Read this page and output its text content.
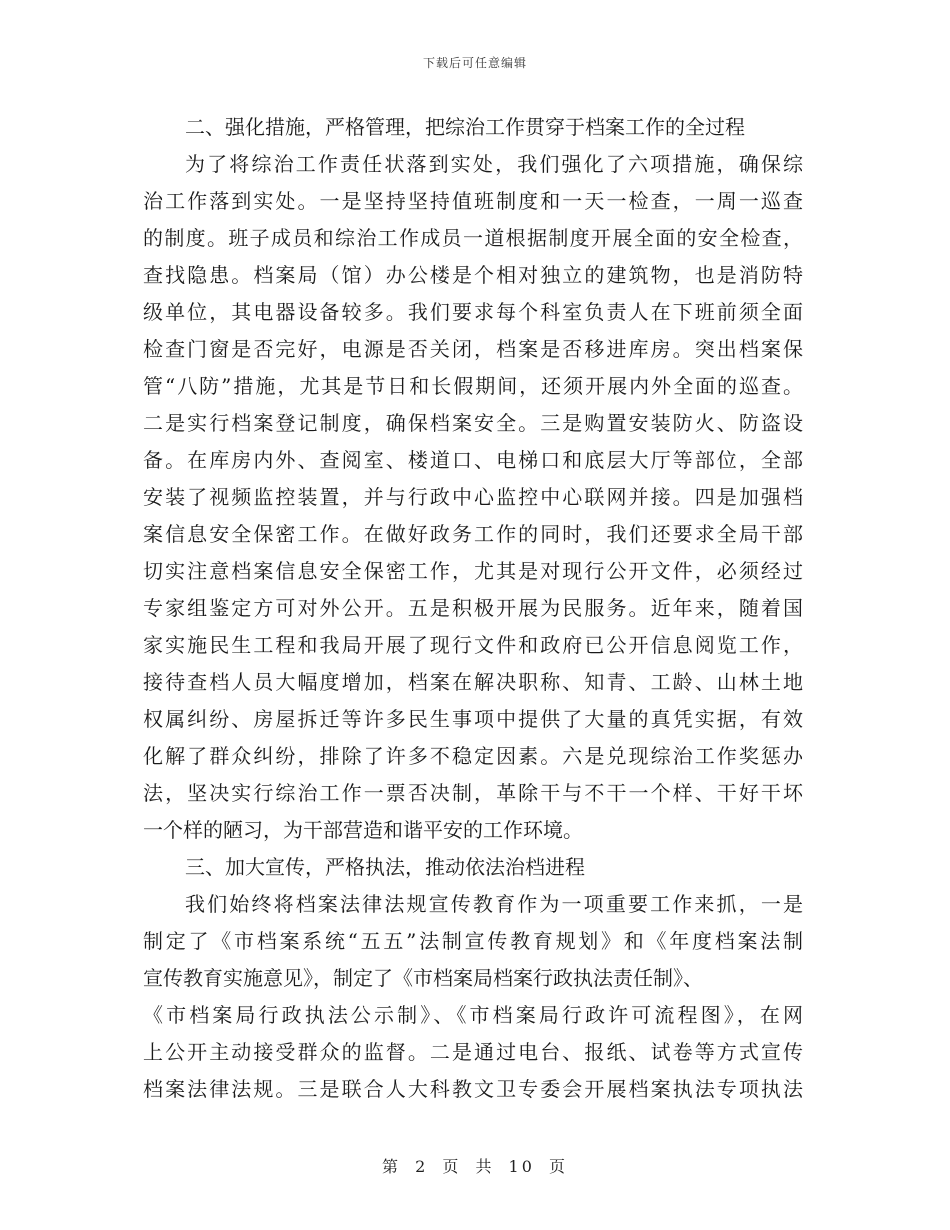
下载后可任意编辑
二、强化措施，严格管理，把综治工作贯穿于档案工作的全过程
为了将综治工作责任状落到实处，我们强化了六项措施，确保综
治工作落到实处。一是坚持坚持值班制度和一天一检查，一周一巡查
的制度。班子成员和综治工作成员一道根据制度开展全面的安全检查，
查找隐患。档案局（馆）办公楼是个相对独立的建筑物，也是消防特
级单位，其电器设备较多。我们要求每个科室负责人在下班前须全面
检查门窗是否完好，电源是否关闭，档案是否移进库房。突出档案保
管“八防”措施，尤其是节日和长假期间，还须开展内外全面的巡查。
二是实行档案登记制度，确保档案安全。三是购置安装防火、防盗设
备。在库房内外、查阅室、楼道口、电梯口和底层大厅等部位，全部
安装了视频监控装置，并与行政中心监控中心联网并接。四是加强档
案信息安全保密工作。在做好政务工作的同时，我们还要求全局干部
切实注意档案信息安全保密工作，尤其是对现行公开文件，必须经过
专家组鉴定方可对外公开。五是积极开展为民服务。近年来，随着国
家实施民生工程和我局开展了现行文件和政府已公开信息阅览工作，
接待查档人员大幅度增加，档案在解决职称、知青、工龄、山林土地
权属纠纷、房屋拆迁等许多民生事项中提供了大量的真凭实据，有效
化解了群众纠纷，排除了许多不稳定因素。六是兑现综治工作奖惩办
法，坚决实行综治工作一票否决制，革除干与不干一个样、干好干坏
一个样的陋习，为干部营造和谐平安的工作环境。
三、加大宣传，严格执法，推动依法治档进程
我们始终将档案法律法规宣传教育作为一项重要工作来抓，一是
制定了《市档案系统“五五”法制宣传教育规划》和《年度档案法制
宣传教育实施意见》，制定了《市档案局档案行政执法责任制》、
《市档案局行政执法公示制》、《市档案局行政许可流程图》，在网
上公开主动接受群众的监督。二是通过电台、报纸、试卷等方式宣传
档案法律法规。三是联合人大科教文卫专委会开展档案执法专项执法
第 2 页 共 10 页
